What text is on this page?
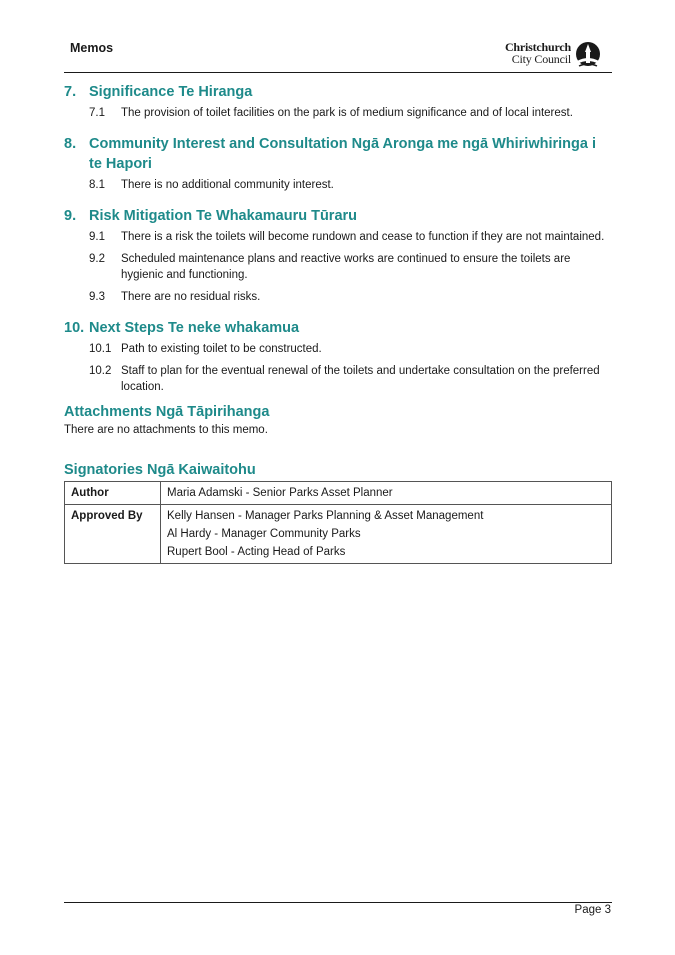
Memos	Christchurch
City Council
7. Significance Te Hiranga
7.1	The provision of toilet facilities on the park is of medium significance and of local interest.
8. Community Interest and Consultation Ngā Aronga me ngā Whiriwhiringa i te Hapori
8.1	There is no additional community interest.
9. Risk Mitigation Te Whakamauru Tūraru
9.1	There is a risk the toilets will become rundown and cease to function if they are not maintained.
9.2	Scheduled maintenance plans and reactive works are continued to ensure the toilets are hygienic and functioning.
9.3	There are no residual risks.
10. Next Steps Te neke whakamua
10.1 Path to existing toilet to be constructed.
10.2 Staff to plan for the eventual renewal of the toilets and undertake consultation on the preferred location.
Attachments Ngā Tāpirihanga
There are no attachments to this memo.
Signatories Ngā Kaiwaitohu
Author	Maria Adamski - Senior Parks Asset Planner
Approved By	Kelly Hansen - Manager Parks Planning & Asset Management
Al Hardy - Manager Community Parks
Rupert Bool - Acting Head of Parks
Page 3
